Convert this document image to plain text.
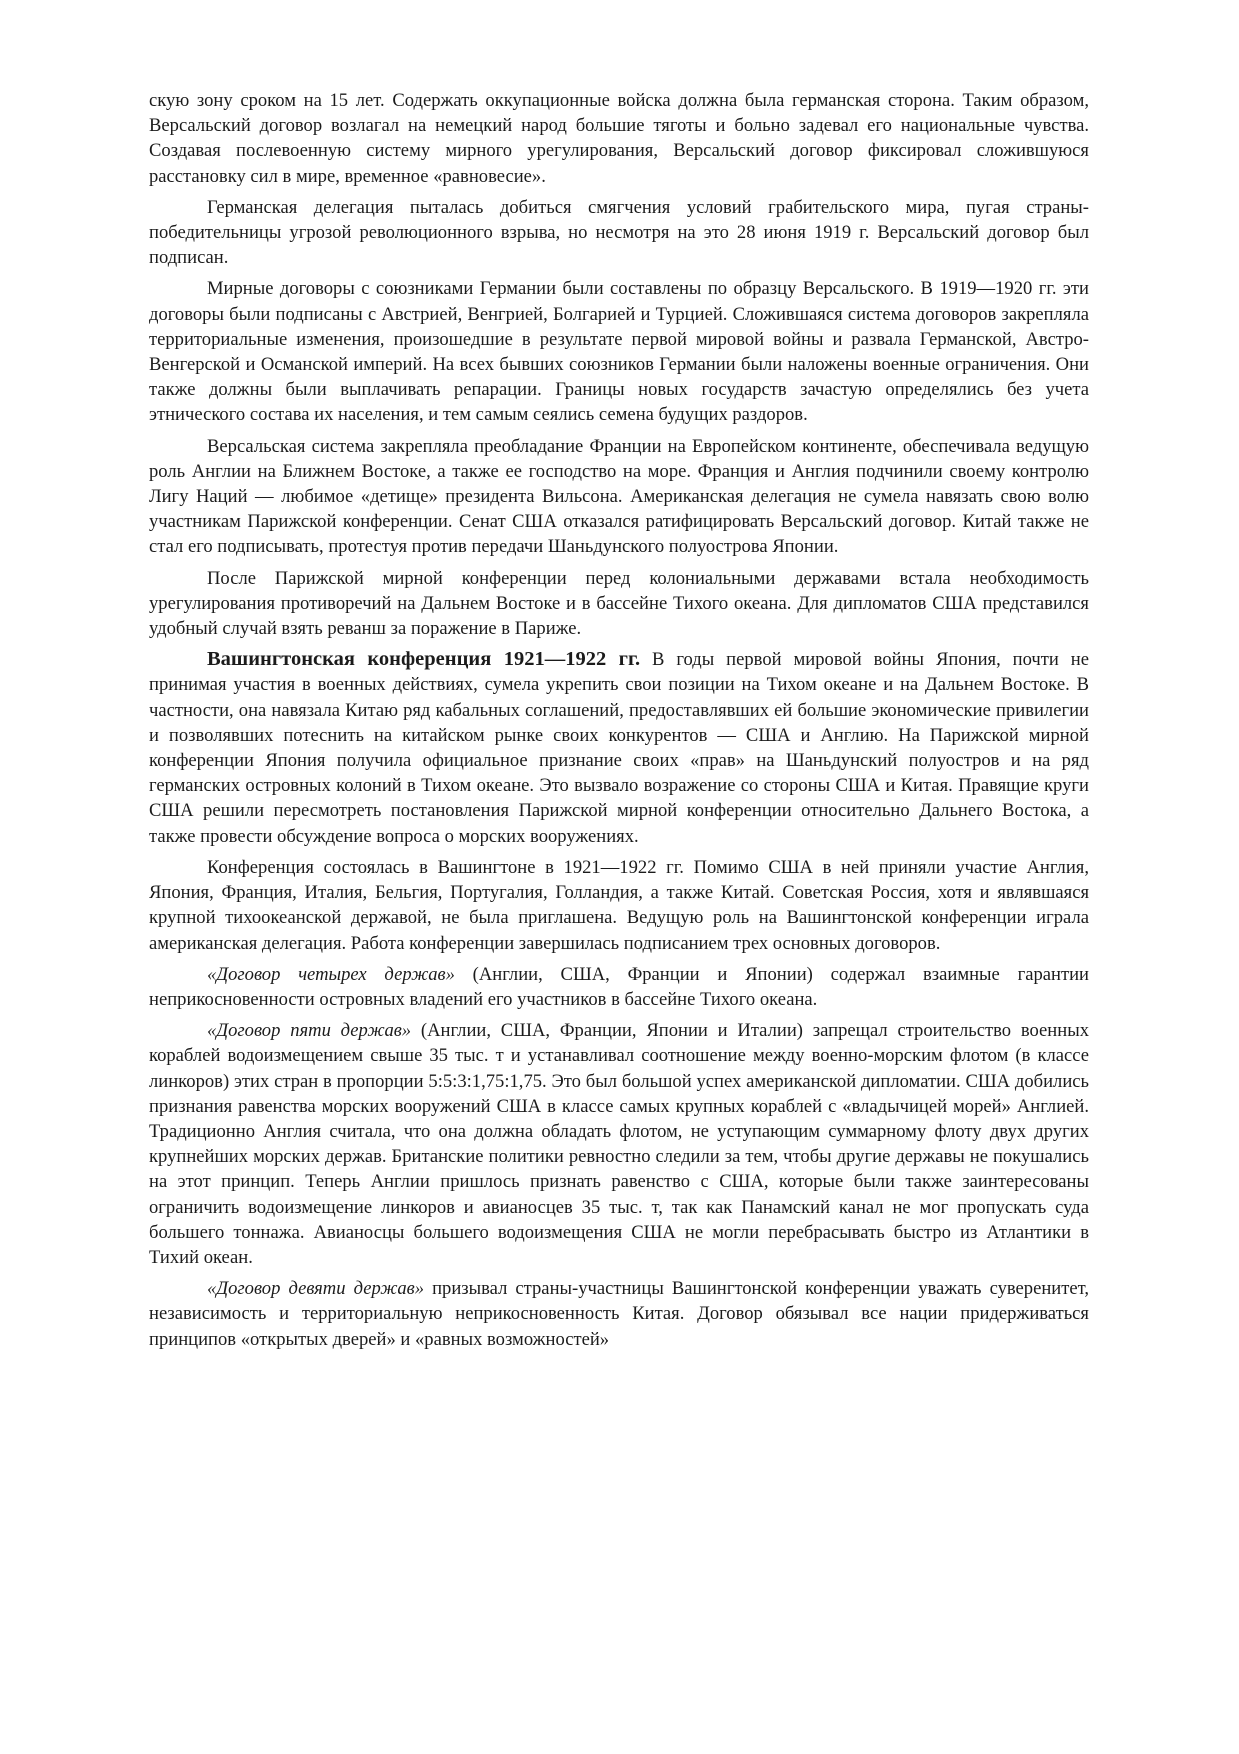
скую зону сроком на 15 лет. Содержать оккупационные войска должна была германская сторона. Таким образом, Версальский договор возлагал на немецкий народ большие тяготы и больно задевал его национальные чувства. Создавая послевоенную систему мирного урегулирования, Версальский договор фиксировал сложившуюся расстановку сил в мире, временное «равновесие».

Германская делегация пыталась добиться смягчения условий грабительского мира, пугая страны-победительницы угрозой революционного взрыва, но несмотря на это 28 июня 1919 г. Версальский договор был подписан.

Мирные договоры с союзниками Германии были составлены по образцу Версальского. В 1919—1920 гг. эти договоры были подписаны с Австрией, Венгрией, Болгарией и Турцией. Сложившаяся система договоров закрепляла территориальные изменения, произошедшие в результате первой мировой войны и развала Германской, Австро-Венгерской и Османской империй. На всех бывших союзников Германии были наложены военные ограничения. Они также должны были выплачивать репарации. Границы новых государств зачастую определялись без учета этнического состава их населения, и тем самым сеялись семена будущих раздоров.

Версальская система закрепляла преобладание Франции на Европейском континенте, обеспечивала ведущую роль Англии на Ближнем Востоке, а также ее господство на море. Франция и Англия подчинили своему контролю Лигу Наций — любимое «детище» президента Вильсона. Американская делегация не сумела навязать свою волю участникам Парижской конференции. Сенат США отказался ратифицировать Версальский договор. Китай также не стал его подписывать, протестуя против передачи Шаньдунского полуострова Японии.

После Парижской мирной конференции перед колониальными державами встала необходимость урегулирования противоречий на Дальнем Востоке и в бассейне Тихого океана. Для дипломатов США представился удобный случай взять реванш за поражение в Париже.

Вашингтонская конференция 1921—1922 гг. В годы первой мировой войны Япония, почти не принимая участия в военных действиях, сумела укрепить свои позиции на Тихом океане и на Дальнем Востоке. В частности, она навязала Китаю ряд кабальных соглашений, предоставлявших ей большие экономические привилегии и позволявших потеснить на китайском рынке своих конкурентов — США и Англию. На Парижской мирной конференции Япония получила официальное признание своих «прав» на Шаньдунский полуостров и на ряд германских островных колоний в Тихом океане. Это вызвало возражение со стороны США и Китая. Правящие круги США решили пересмотреть постановления Парижской мирной конференции относительно Дальнего Востока, а также провести обсуждение вопроса о морских вооружениях.

Конференция состоялась в Вашингтоне в 1921—1922 гг. Помимо США в ней приняли участие Англия, Япония, Франция, Италия, Бельгия, Португалия, Голландия, а также Китай. Советская Россия, хотя и являвшаяся крупной тихоокеанской державой, не была приглашена. Ведущую роль на Вашингтонской конференции играла американская делегация. Работа конференции завершилась подписанием трех основных договоров.

«Договор четырех держав» (Англии, США, Франции и Японии) содержал взаимные гарантии неприкосновенности островных владений его участников в бассейне Тихого океана.

«Договор пяти держав» (Англии, США, Франции, Японии и Италии) запрещал строительство военных кораблей водоизмещением свыше 35 тыс. т и устанавливал соотношение между военно-морским флотом (в классе линкоров) этих стран в пропорции 5:5:3:1,75:1,75. Это был большой успех американской дипломатии. США добились признания равенства морских вооружений США в классе самых крупных кораблей с «владычицей морей» Англией. Традиционно Англия считала, что она должна обладать флотом, не уступающим суммарному флоту двух других крупнейших морских держав. Британские политики ревностно следили за тем, чтобы другие державы не покушались на этот принцип. Теперь Англии пришлось признать равенство с США, которые были также заинтересованы ограничить водоизмещение линкоров и авианосцев 35 тыс. т, так как Панамский канал не мог пропускать суда большего тоннажа. Авианосцы большего водоизмещения США не могли перебрасывать быстро из Атлантики в Тихий океан.

«Договор девяти держав» призывал страны-участницы Вашингтонской конференции уважать суверенитет, независимость и территориальную неприкосновенность Китая. Договор обязывал все нации придерживаться принципов «открытых дверей» и «равных возможностей»
